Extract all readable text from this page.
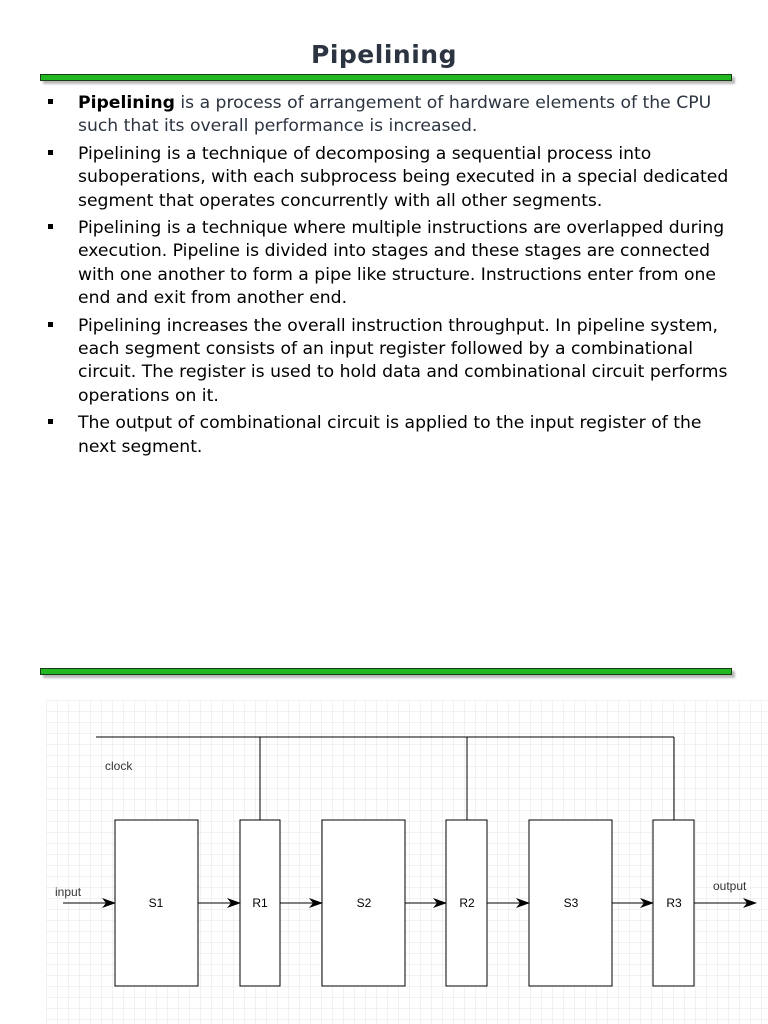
Pipelining
Pipelining is a process of arrangement of hardware elements of the CPU such that its overall performance is increased.
Pipelining is a technique of decomposing a sequential process into suboperations, with each subprocess being executed in a special dedicated segment that operates concurrently with all other segments.
Pipelining is a technique where multiple instructions are overlapped during execution. Pipeline is divided into stages and these stages are connected with one another to form a pipe like structure. Instructions enter from one end and exit from another end.
Pipelining increases the overall instruction throughput. In pipeline system, each segment consists of an input register followed by a combinational circuit. The register is used to hold data and combinational circuit performs operations on it.
The output of combinational circuit is applied to the input register of the next segment.
clock
S1	S2	S3
R1	R2	R3
input	output
